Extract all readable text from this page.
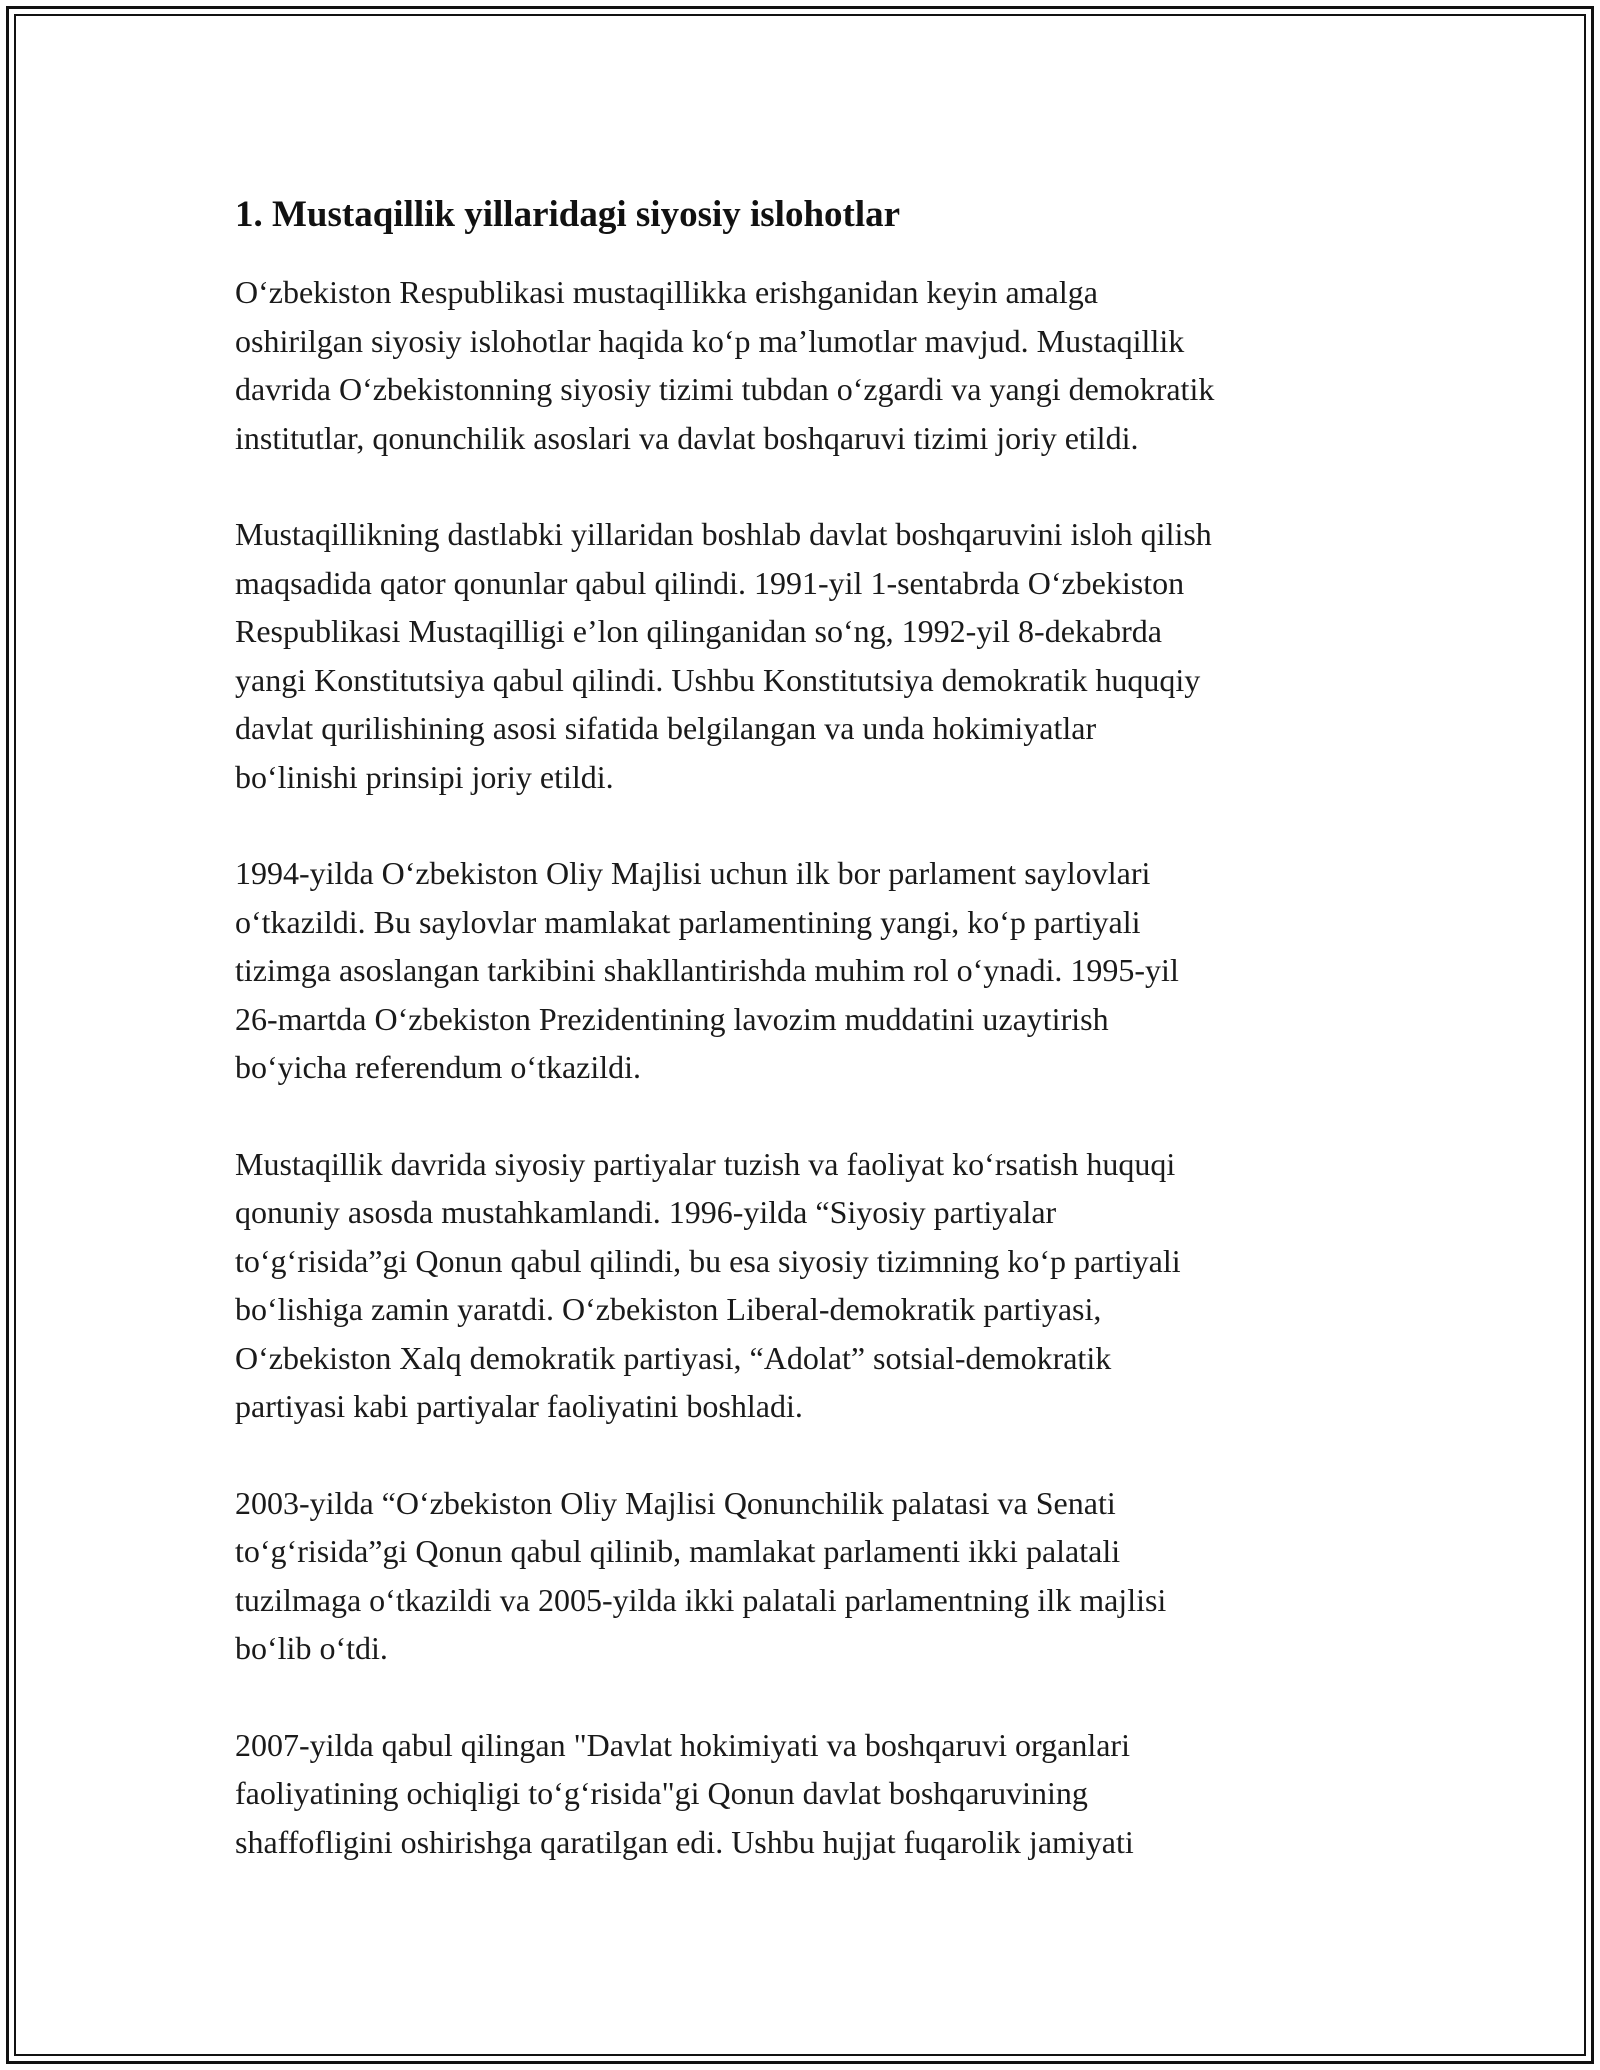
1. Mustaqillik yillaridagi siyosiy islohotlar

O‘zbekiston Respublikasi mustaqillikka erishganidan keyin amalga
oshirilgan siyosiy islohotlar haqida ko‘p ma’lumotlar mavjud. Mustaqillik
davrida O‘zbekistonning siyosiy tizimi tubdan o‘zgardi va yangi demokratik
institutlar, qonunchilik asoslari va davlat boshqaruvi tizimi joriy etildi.

Mustaqillikning dastlabki yillaridan boshlab davlat boshqaruvini isloh qilish
maqsadida qator qonunlar qabul qilindi. 1991-yil 1-sentabrda O‘zbekiston
Respublikasi Mustaqilligi e’lon qilinganidan so‘ng, 1992-yil 8-dekabrda
yangi Konstitutsiya qabul qilindi. Ushbu Konstitutsiya demokratik huquqiy
davlat qurilishining asosi sifatida belgilangan va unda hokimiyatlar
bo‘linishi prinsipi joriy etildi.

1994-yilda O‘zbekiston Oliy Majlisi uchun ilk bor parlament saylovlari
o‘tkazildi. Bu saylovlar mamlakat parlamentining yangi, ko‘p partiyali
tizimga asoslangan tarkibini shakllantirishda muhim rol o‘ynadi. 1995-yil
26-martda O‘zbekiston Prezidentining lavozim muddatini uzaytirish
bo‘yicha referendum o‘tkazildi.

Mustaqillik davrida siyosiy partiyalar tuzish va faoliyat ko‘rsatish huquqi
qonuniy asosda mustahkamlandi. 1996-yilda “Siyosiy partiyalar
to‘g‘risida”gi Qonun qabul qilindi, bu esa siyosiy tizimning ko‘p partiyali
bo‘lishiga zamin yaratdi. O‘zbekiston Liberal-demokratik partiyasi,
O‘zbekiston Xalq demokratik partiyasi, “Adolat” sotsial-demokratik
partiyasi kabi partiyalar faoliyatini boshladi.

2003-yilda “O‘zbekiston Oliy Majlisi Qonunchilik palatasi va Senati
to‘g‘risida”gi Qonun qabul qilinib, mamlakat parlamenti ikki palatali
tuzilmaga o‘tkazildi va 2005-yilda ikki palatali parlamentning ilk majlisi
bo‘lib o‘tdi.

2007-yilda qabul qilingan "Davlat hokimiyati va boshqaruvi organlari
faoliyatining ochiqligi to‘g‘risida"gi Qonun davlat boshqaruvining
shaffofligini oshirishga qaratilgan edi. Ushbu hujjat fuqarolik jamiyati
